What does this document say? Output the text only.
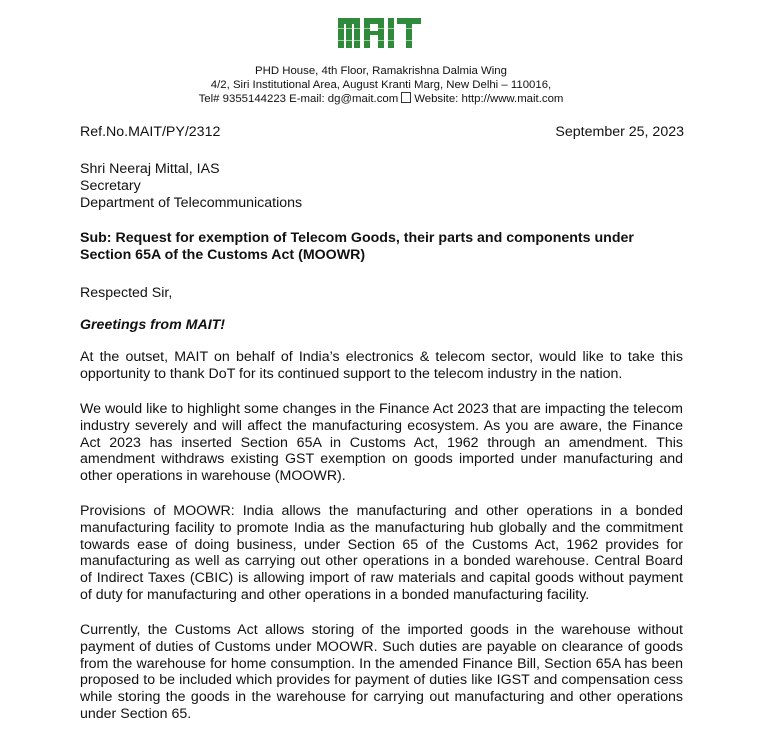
PHD House, 4th Floor, Ramakrishna Dalmia Wing
4/2, Siri Institutional Area, August Kranti Marg, New Delhi – 110016,
Tel# 9355144223 E-mail: dg@mait.com Website: http://www.mait.com
Ref.No.MAIT/PY/2312	September 25, 2023
Shri Neeraj Mittal, IAS
Secretary
Department of Telecommunications
Sub: Request for exemption of Telecom Goods, their parts and components under Section 65A of the Customs Act (MOOWR)
Respected Sir,
Greetings from MAIT!
At the outset, MAIT on behalf of India’s electronics & telecom sector, would like to take this opportunity to thank DoT for its continued support to the telecom industry in the nation.
We would like to highlight some changes in the Finance Act 2023 that are impacting the telecom industry severely and will affect the manufacturing ecosystem. As you are aware, the Finance Act 2023 has inserted Section 65A in Customs Act, 1962 through an amendment. This amendment withdraws existing GST exemption on goods imported under manufacturing and other operations in warehouse (MOOWR).
Provisions of MOOWR: India allows the manufacturing and other operations in a bonded manufacturing facility to promote India as the manufacturing hub globally and the commitment towards ease of doing business, under Section 65 of the Customs Act, 1962 provides for manufacturing as well as carrying out other operations in a bonded warehouse. Central Board of Indirect Taxes (CBIC) is allowing import of raw materials and capital goods without payment of duty for manufacturing and other operations in a bonded manufacturing facility.
Currently, the Customs Act allows storing of the imported goods in the warehouse without payment of duties of Customs under MOOWR. Such duties are payable on clearance of goods from the warehouse for home consumption. In the amended Finance Bill, Section 65A has been proposed to be included which provides for payment of duties like IGST and compensation cess while storing the goods in the warehouse for carrying out manufacturing and other operations under Section 65.
